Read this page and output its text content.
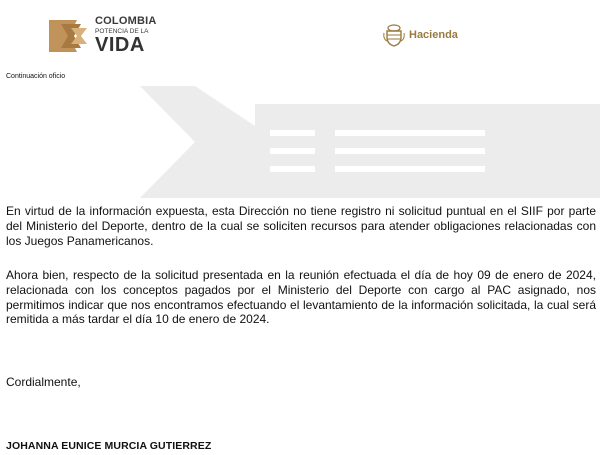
COLOMBIA
POTENCIA DE LA
VIDA	Hacienda
Continuación oficio

En virtud de la información expuesta, esta Dirección no tiene registro ni solicitud puntual en el SIIF por parte del Ministerio del Deporte, dentro de la cual se soliciten recursos para atender obligaciones relacionadas con los Juegos Panamericanos.

Ahora bien, respecto de la solicitud presentada en la reunión efectuada el día de hoy 09 de enero de 2024, relacionada con los conceptos pagados por el Ministerio del Deporte con cargo al PAC asignado, nos permitimos indicar que nos encontramos efectuando el levantamiento de la información solicitada, la cual será remitida a más tardar el día 10 de enero de 2024.

Cordialmente,
JOHANNA EUNICE MURCIA GUTIERREZ
